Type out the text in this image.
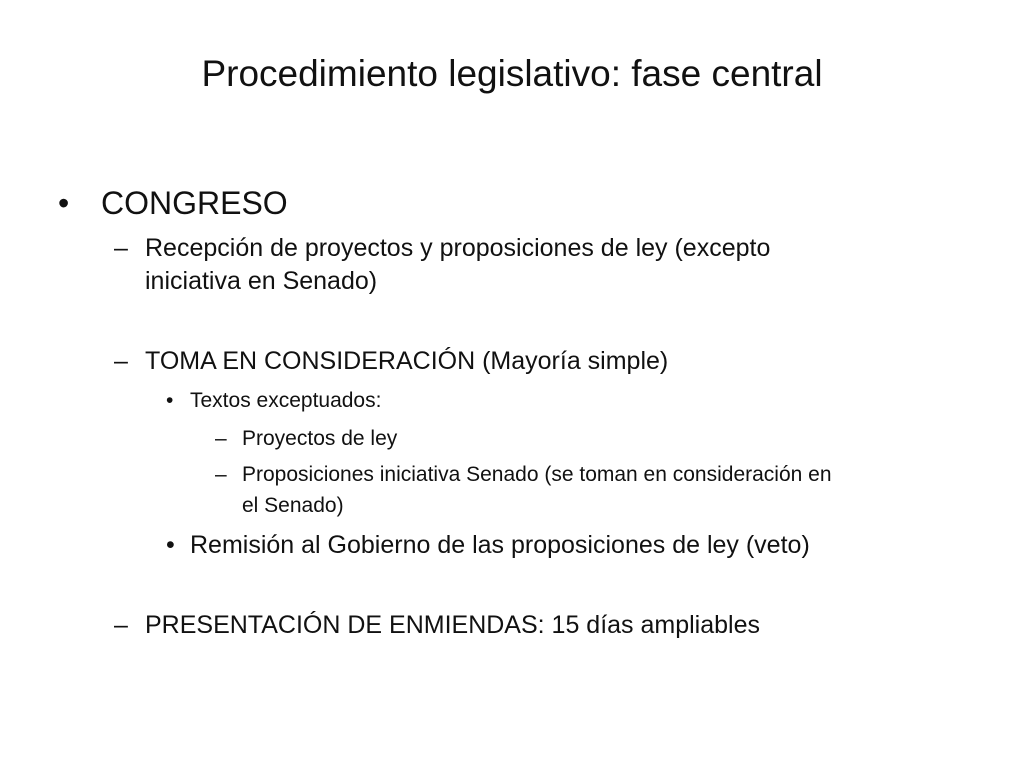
Procedimiento legislativo: fase central
• CONGRESO
– Recepción de proyectos y proposiciones de ley (excepto
iniciativa en Senado)
– TOMA EN CONSIDERACIÓN (Mayoría simple)
• Textos exceptuados:
– Proyectos de ley
– Proposiciones iniciativa Senado (se toman en consideración en
el Senado)
• Remisión al Gobierno de las proposiciones de ley (veto)
– PRESENTACIÓN DE ENMIENDAS: 15 días ampliables
